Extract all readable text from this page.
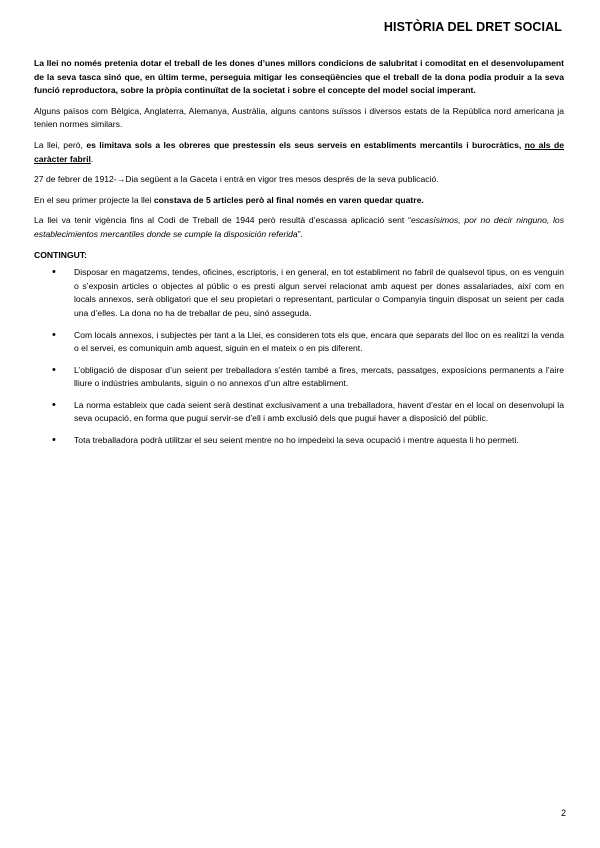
HISTÒRIA DEL DRET SOCIAL

La llei no només pretenia dotar el treball de les dones d’unes millors condicions de salubritat i comoditat en el desenvolupament de la seva tasca sinó que, en últim terme, perseguia mitigar les conseqüències que el treball de la dona podia produir a la seva funció reproductora, sobre la pròpia continuïtat de la societat i sobre el concepte del model social imperant.

Alguns països com Bèlgica, Anglaterra, Alemanya, Austràlia, alguns cantons suïssos i diversos estats de la República nord americana ja tenien normes similars.

La llei, però, es limitava sols a les obreres que prestessin els seus serveis en establiments mercantils i burocràtics, no als de caràcter fabril.

27 de febrer de 1912-→Dia següent a la Gaceta i entrà en vigor tres mesos després de la seva publicació.

En el seu primer projecte la llei constava de 5 articles però al final només en varen quedar quatre.

La llei va tenir vigència fins al Codi de Treball de 1944 però resultà d’escassa aplicació sent “escasísimos, por no decir ninguno, los establecimientos mercantiles donde se cumple la disposición referida”.

CONTINGUT:
• Disposar en magatzems, tendes, oficines, escriptoris, i en general, en tot establiment no fabril de qualsevol tipus, on es venguin o s’exposin articles o objectes al públic o es presti algun servei relacionat amb aquest per dones assalariades, així com en locals annexos, serà obligatori que el seu propietari o representant, particular o Companyia tinguin disposat un seient per cada una d’elles. La dona no ha de treballar de peu, sinó asseguda.
• Com locals annexos, i subjectes per tant a la Llei, es consideren tots els que, encara que separats del lloc on es realitzi la venda o el servei, es comuniquin amb aquest, siguin en el mateix o en pis diferent.
• L’obligació de disposar d’un seient per treballadora s’estén també a fires, mercats, passatges, exposicions permanents a l’aire lliure o indústries ambulants, siguin o no annexos d’un altre establiment.
• La norma estableix que cada seient serà destinat exclusivament a una treballadora, havent d’estar en el local on desenvolupi la seva ocupació, en forma que pugui servir-se d’ell i amb exclusió dels que pugui haver a disposició del públic.
• Tota treballadora podrà utilitzar el seu seient mentre no ho impedeixi la seva ocupació i mentre aquesta li ho permeti.
2
